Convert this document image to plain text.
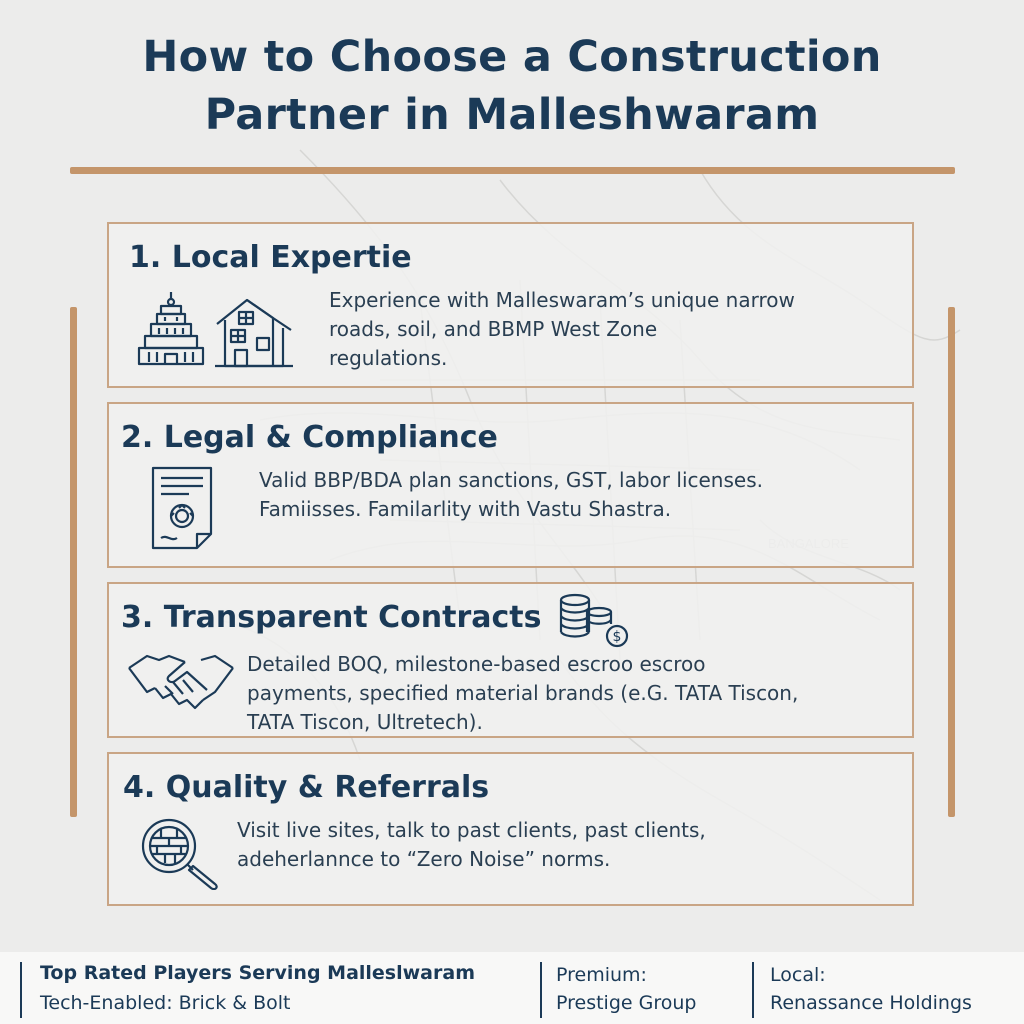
How to Choose a Construction
Partner in Malleshwaram
1. Local Expertie
Experience with Malleswaram’s unique narrow
roads, soil, and BBMP West Zone
regulations.
2. Legal & Compliance
Valid BBP/BDA plan sanctions, GST, labor licenses.
Famiisses. Familarlity with Vastu Shastra.
3. Transparent Contracts
$
Detailed BOQ, milestone-based escroo escroo
payments, specified material brands (e.G. TATA Tiscon,
TATA Tiscon, Ultretech).
4. Quality & Referrals
Visit live sites, talk to past clients, past clients,
adeherlannce to “Zero Noise” norms.
Top Rated Players Serving Malleslwaram
Tech-Enabled: Brick & Bolt
Premium:
Prestige Group
Local:
Renassance Holdings
